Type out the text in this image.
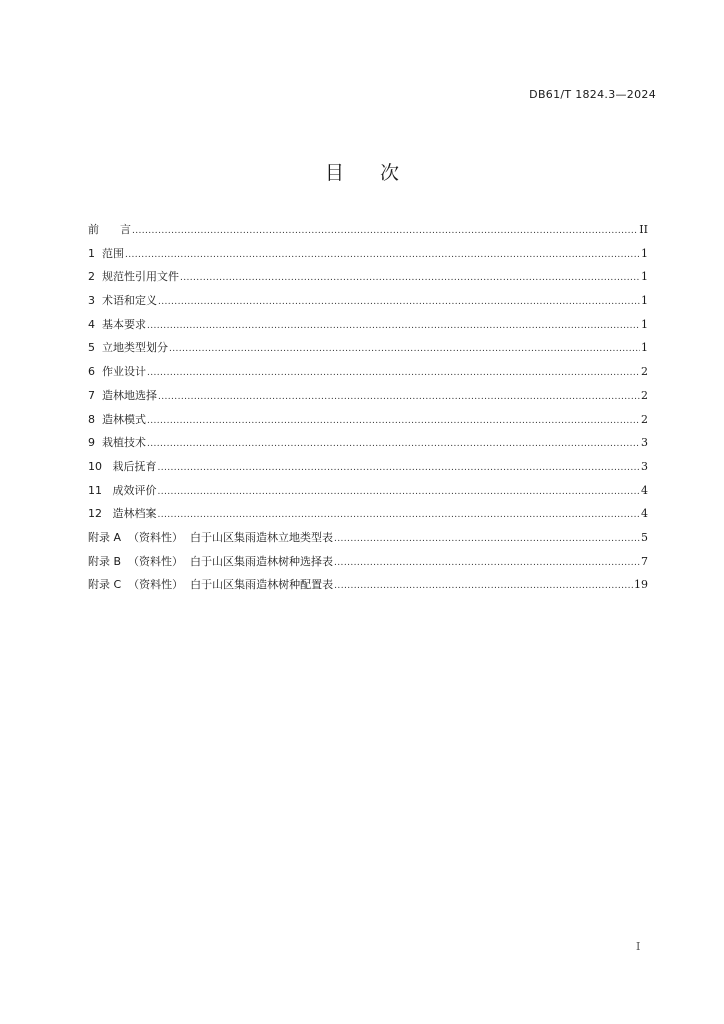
DB61/T 1824.3—2024
目次
前      言 .....	II
1  范围 .....	1
2  规范性引用文件 .....	1
3  术语和定义 .....	1
4  基本要求 .....	1
5  立地类型划分 .....	1
6  作业设计 .....	2
7  造林地选择 .....	2
8  造林模式 .....	2
9  栽植技术 .....	3
10   栽后抚育 .....	3
11   成效评价 .....	4
12   造林档案 .....	4
附录 A  （资料性）  白于山区集雨造林立地类型表 .....	5
附录 B  （资料性）  白于山区集雨造林树种选择表 .....	7
附录 C  （资料性）  白于山区集雨造林树种配置表 .....	19
I
